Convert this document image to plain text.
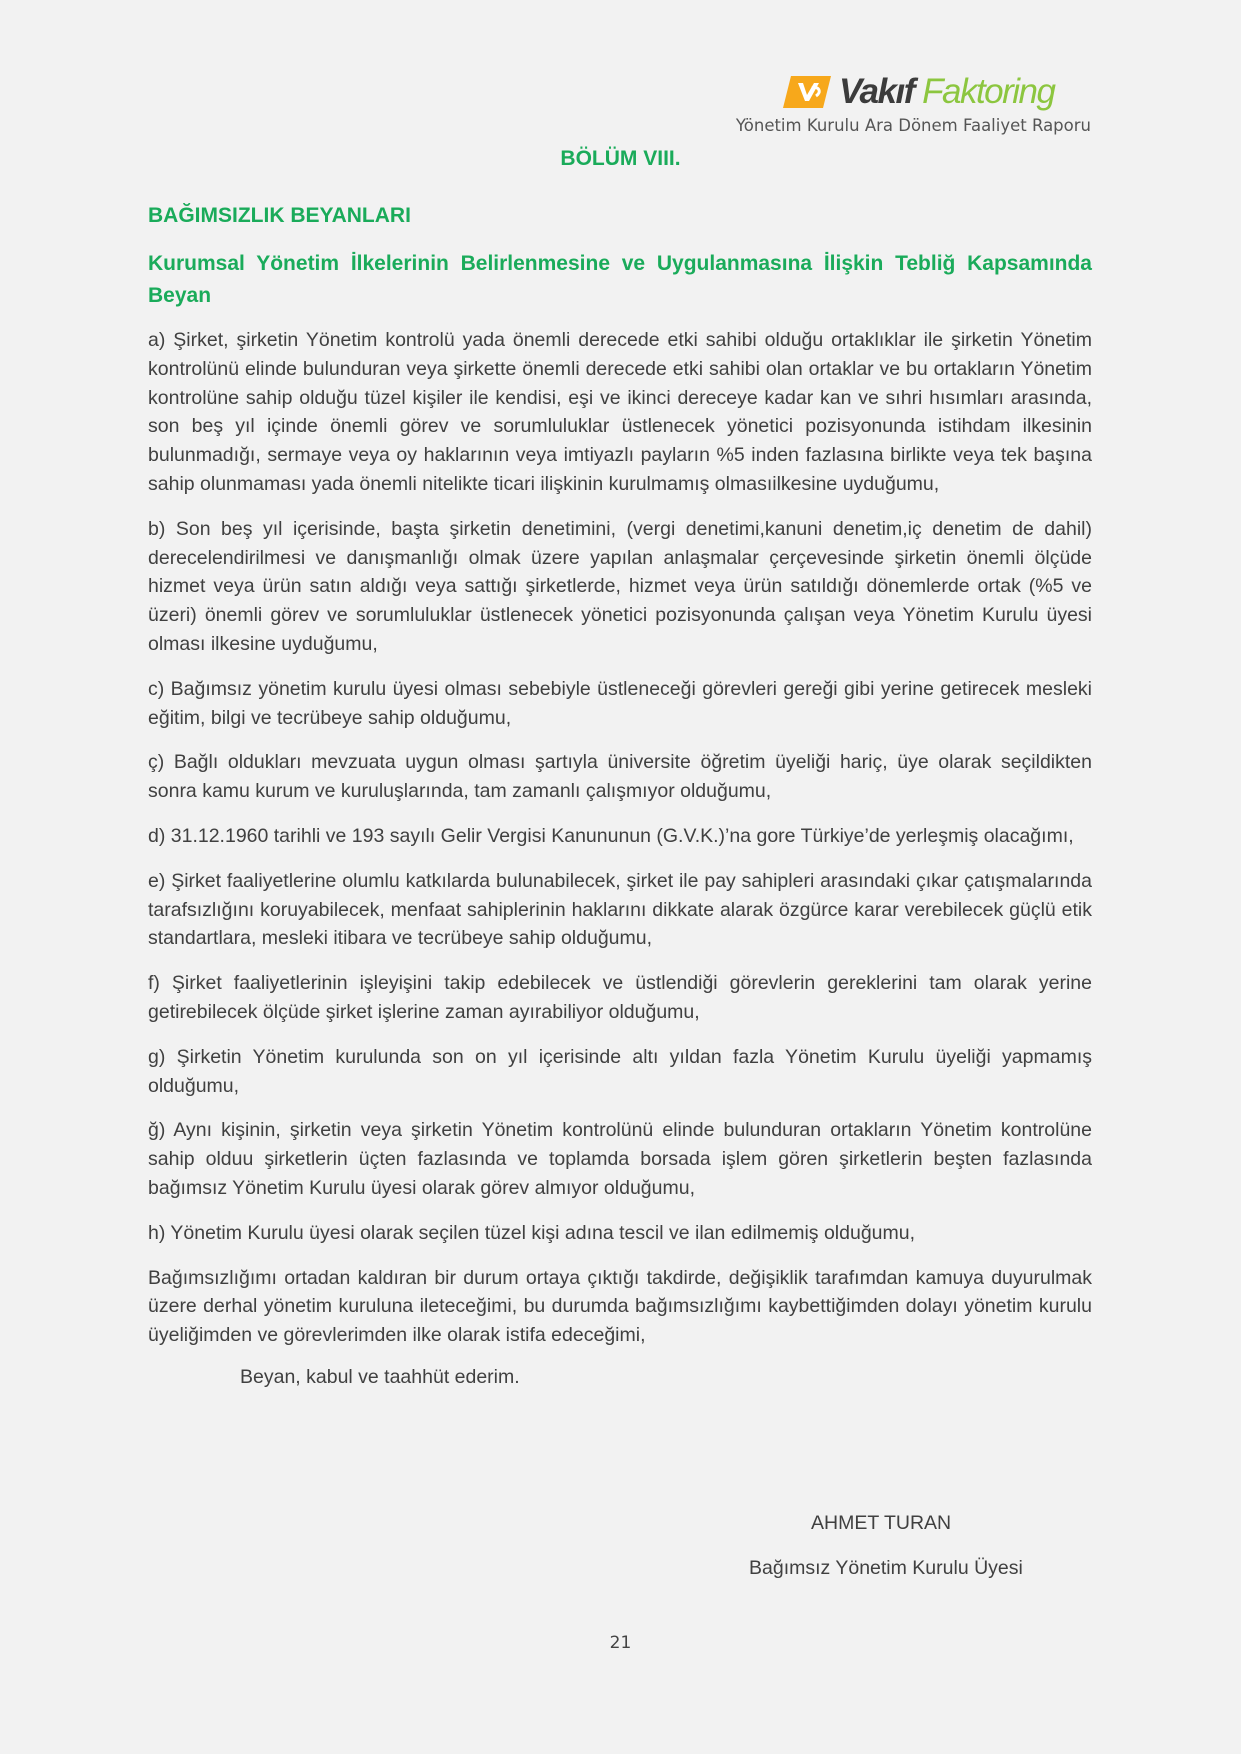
Vakıf Faktoring
Yönetim Kurulu Ara Dönem Faaliyet Raporu
BÖLÜM VIII.
BAĞIMSIZLIK BEYANLARI
Kurumsal Yönetim İlkelerinin Belirlenmesine ve Uygulanmasına İlişkin Tebliğ Kapsamında Beyan

a) Şirket, şirketin Yönetim kontrolü yada önemli derecede etki sahibi olduğu ortaklıklar ile şirketin Yönetim kontrolünü elinde bulunduran veya şirkette önemli derecede etki sahibi olan ortaklar ve bu ortakların Yönetim kontrolüne sahip olduğu tüzel kişiler ile kendisi, eşi ve ikinci dereceye kadar kan ve sıhri hısımları arasında, son beş yıl içinde önemli görev ve sorumluluklar üstlenecek yönetici pozisyonunda istihdam ilkesinin bulunmadığı, sermaye veya oy haklarının veya imtiyazlı payların %5 inden fazlasına birlikte veya tek başına sahip olunmaması yada önemli nitelikte ticari ilişkinin kurulmamış olmasıilkesine uyduğumu,

b) Son beş yıl içerisinde, başta şirketin denetimini, (vergi denetimi,kanuni denetim,iç denetim de dahil) derecelendirilmesi ve danışmanlığı olmak üzere yapılan anlaşmalar çerçevesinde şirketin önemli ölçüde hizmet veya ürün satın aldığı veya sattığı şirketlerde, hizmet veya ürün satıldığı dönemlerde ortak (%5 ve üzeri) önemli görev ve sorumluluklar üstlenecek yönetici pozisyonunda çalışan veya Yönetim Kurulu üyesi olması ilkesine uyduğumu,

c) Bağımsız yönetim kurulu üyesi olması sebebiyle üstleneceği görevleri gereği gibi yerine getirecek mesleki eğitim, bilgi ve tecrübeye sahip olduğumu,

ç) Bağlı oldukları mevzuata uygun olması şartıyla üniversite öğretim üyeliği hariç, üye olarak seçildikten sonra kamu kurum ve kuruluşlarında, tam zamanlı çalışmıyor olduğumu,

d) 31.12.1960 tarihli ve 193 sayılı Gelir Vergisi Kanununun (G.V.K.)’na gore Türkiye’de yerleşmiş olacağımı,

e) Şirket faaliyetlerine olumlu katkılarda bulunabilecek, şirket ile pay sahipleri arasındaki çıkar çatışmalarında tarafsızlığını koruyabilecek, menfaat sahiplerinin haklarını dikkate alarak özgürce karar verebilecek güçlü etik standartlara, mesleki itibara ve tecrübeye sahip olduğumu,

f) Şirket faaliyetlerinin işleyişini takip edebilecek ve üstlendiği görevlerin gereklerini tam olarak yerine getirebilecek ölçüde şirket işlerine zaman ayırabiliyor olduğumu,

g) Şirketin Yönetim kurulunda son on yıl içerisinde altı yıldan fazla Yönetim Kurulu üyeliği yapmamış olduğumu,

ğ) Aynı kişinin, şirketin veya şirketin Yönetim kontrolünü elinde bulunduran ortakların Yönetim kontrolüne sahip olduu şirketlerin üçten fazlasında ve toplamda borsada işlem gören şirketlerin beşten fazlasında bağımsız Yönetim Kurulu üyesi olarak görev almıyor olduğumu,

h) Yönetim Kurulu üyesi olarak seçilen tüzel kişi adına tescil ve ilan edilmemiş olduğumu,

Bağımsızlığımı ortadan kaldıran bir durum ortaya çıktığı takdirde, değişiklik tarafımdan kamuya duyurulmak üzere derhal yönetim kuruluna ileteceğimi, bu durumda bağımsızlığımı kaybettiğimden dolayı yönetim kurulu üyeliğimden ve görevlerimden ilke olarak istifa edeceğimi,

Beyan, kabul ve taahhüt ederim.
AHMET TURAN
Bağımsız Yönetim Kurulu Üyesi
21
